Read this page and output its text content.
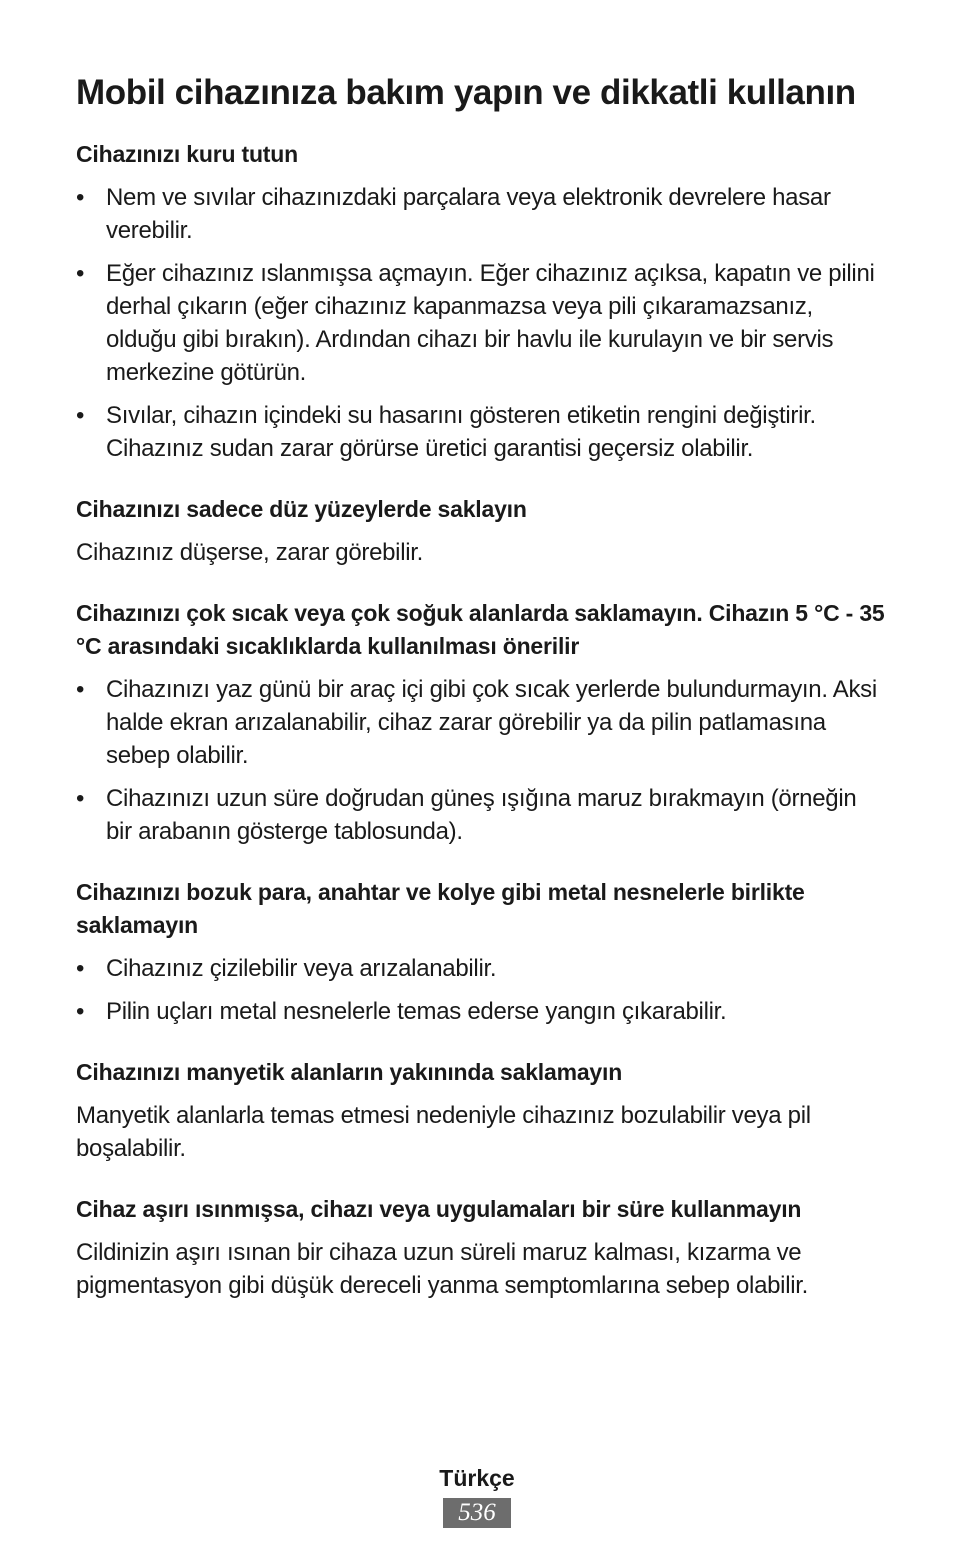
Mobil cihazınıza bakım yapın ve dikkatli kullanın
Cihazınızı kuru tutun
• Nem ve sıvılar cihazınızdaki parçalara veya elektronik devrelere hasar verebilir.
• Eğer cihazınız ıslanmışsa açmayın. Eğer cihazınız açıksa, kapatın ve pilini derhal çıkarın (eğer cihazınız kapanmazsa veya pili çıkaramazsanız, olduğu gibi bırakın). Ardından cihazı bir havlu ile kurulayın ve bir servis merkezine götürün.
• Sıvılar, cihazın içindeki su hasarını gösteren etiketin rengini değiştirir. Cihazınız sudan zarar görürse üretici garantisi geçersiz olabilir.
Cihazınızı sadece düz yüzeylerde saklayın
Cihazınız düşerse, zarar görebilir.
Cihazınızı çok sıcak veya çok soğuk alanlarda saklamayın. Cihazın 5 °C - 35 °C arasındaki sıcaklıklarda kullanılması önerilir
• Cihazınızı yaz günü bir araç içi gibi çok sıcak yerlerde bulundurmayın. Aksi halde ekran arızalanabilir, cihaz zarar görebilir ya da pilin patlamasına sebep olabilir.
• Cihazınızı uzun süre doğrudan güneş ışığına maruz bırakmayın (örneğin bir arabanın gösterge tablosunda).
Cihazınızı bozuk para, anahtar ve kolye gibi metal nesnelerle birlikte saklamayın
• Cihazınız çizilebilir veya arızalanabilir.
• Pilin uçları metal nesnelerle temas ederse yangın çıkarabilir.
Cihazınızı manyetik alanların yakınında saklamayın
Manyetik alanlarla temas etmesi nedeniyle cihazınız bozulabilir veya pil boşalabilir.
Cihaz aşırı ısınmışsa, cihazı veya uygulamaları bir süre kullanmayın
Cildinizin aşırı ısınan bir cihaza uzun süreli maruz kalması, kızarma ve pigmentasyon gibi düşük dereceli yanma semptomlarına sebep olabilir.
Türkçe
536
